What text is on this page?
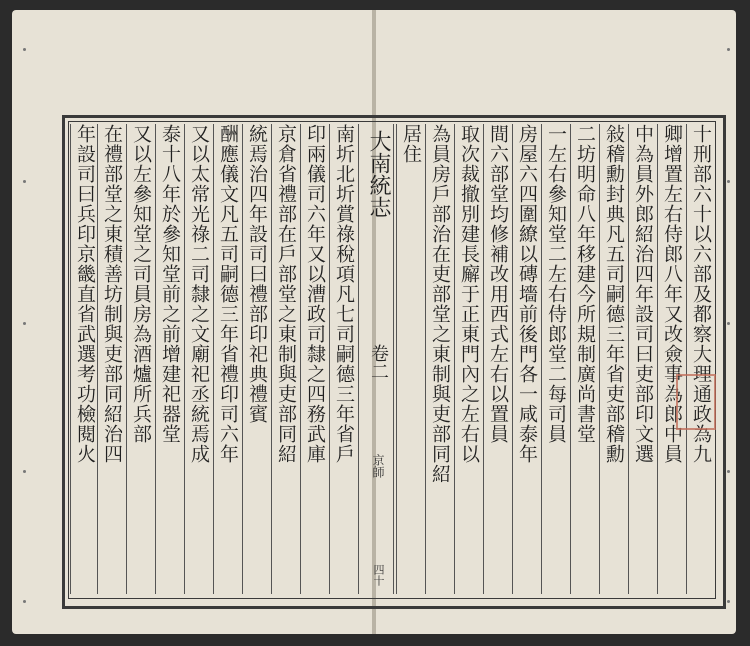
大南統志
卷二
京師
四十
十刑部六十以六部及都察大理通政為九
卿增置左右侍郎八年又改僉事為郎中員
中為員外郎紹治四年設司曰吏部印文選
敍稽勳封典凡五司嗣德三年省吏部稽勳
二坊明命八年移建今所規制廣尚書堂
一左右參知堂二左右侍郎堂二每司員
房屋六四圍繚以磚墻前後門各一咸泰年
間六部堂均修補改用西式左右以置員
取次裁撤別建長廨于正東門內之左右以
為員房戶部治在吏部堂之東制與吏部同紹
居住
南圻北圻賞祿稅項凡七司嗣德三年省戶
印兩儀司六年又以漕政司隸之四務武庫
京倉省禮部在戶部堂之東制與吏部同紹
統焉治四年設司曰禮部印祀典禮賓
酬應儀文凡五司嗣德三年省禮印司六年
又以太常光祿二司隸之文廟祀丞統焉成
泰十八年於參知堂前之前增建祀器堂
又以左參知堂之司員房為酒爐所兵部
在禮部堂之東積善坊制與吏部同紹治四
年設司曰兵印京畿直省武選考功檢閱火
